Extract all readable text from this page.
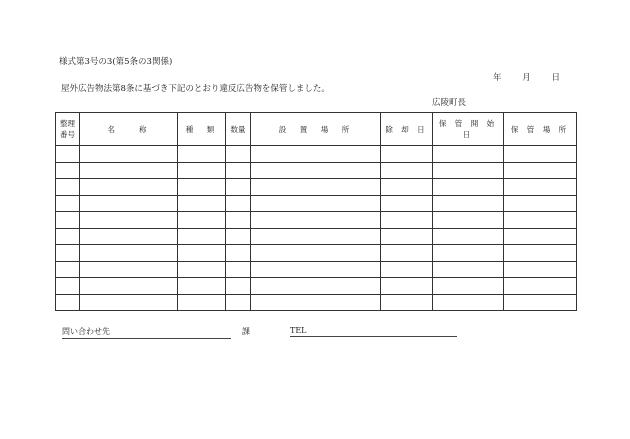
様式第3号の3(第5条の3関係)
年 月 日
屋外広告物法第8条に基づき下記のとおり違反広告物を保管しました。
広陵町長
整理
番号	名　　称	種　類	数量	設　置　場　所	除 却 日	保 管 開 始 日	保 管 場 所

問い合わせ先	課	TEL
